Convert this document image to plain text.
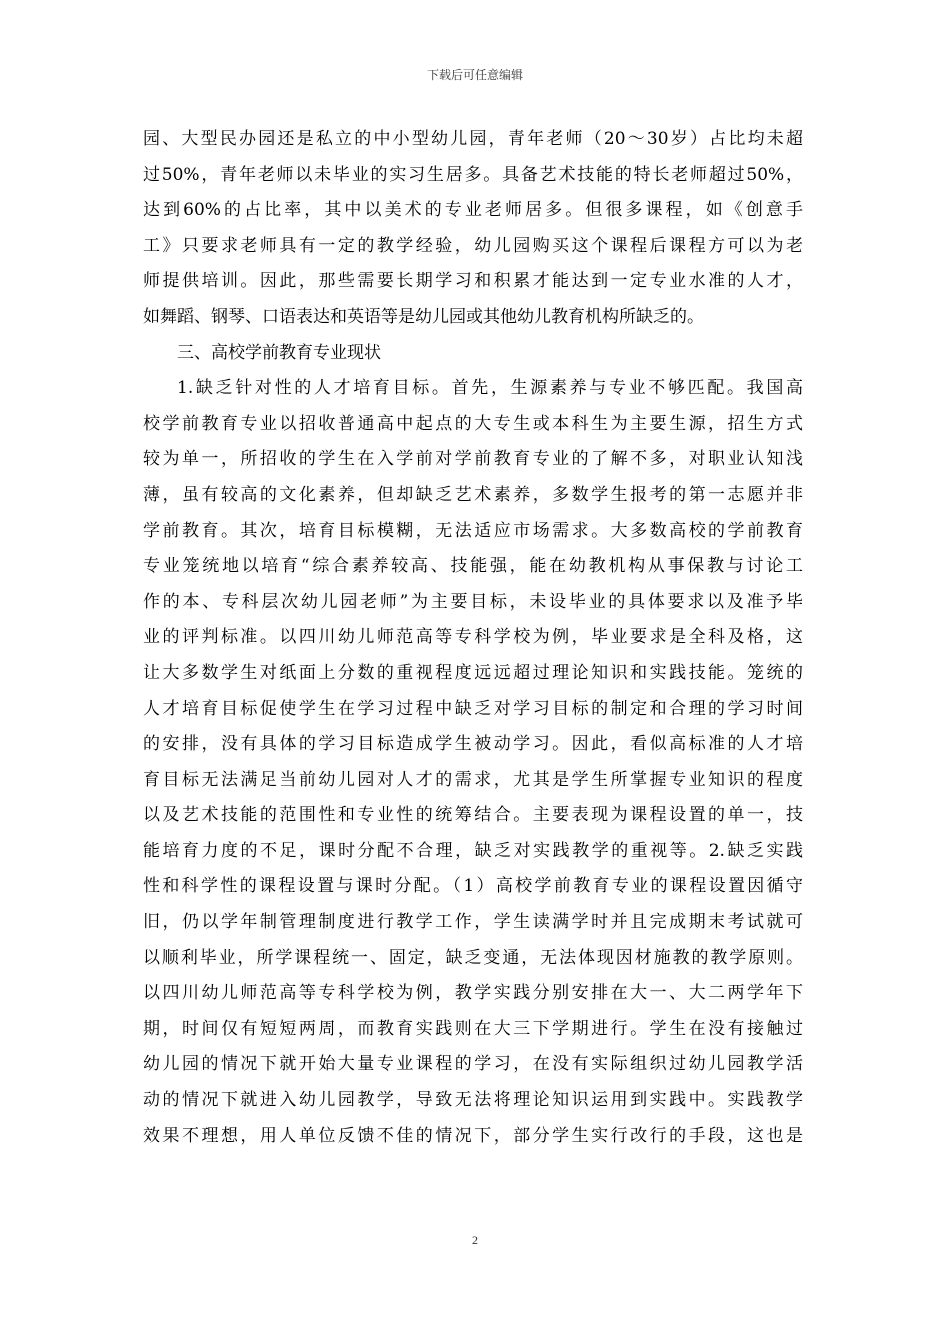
下载后可任意编辑
园、大型民办园还是私立的中小型幼儿园，青年老师（20～30岁）占比均未超
过50%，青年老师以未毕业的实习生居多。具备艺术技能的特长老师超过50%，
达到60%的占比率，其中以美术的专业老师居多。但很多课程，如《创意手
工》只要求老师具有一定的教学经验，幼儿园购买这个课程后课程方可以为老
师提供培训。因此，那些需要长期学习和积累才能达到一定专业水准的人才，
如舞蹈、钢琴、口语表达和英语等是幼儿园或其他幼儿教育机构所缺乏的。
三、高校学前教育专业现状
1.缺乏针对性的人才培育目标。首先，生源素养与专业不够匹配。我国高
校学前教育专业以招收普通高中起点的大专生或本科生为主要生源，招生方式
较为单一，所招收的学生在入学前对学前教育专业的了解不多，对职业认知浅
薄，虽有较高的文化素养，但却缺乏艺术素养，多数学生报考的第一志愿并非
学前教育。其次，培育目标模糊，无法适应市场需求。大多数高校的学前教育
专业笼统地以培育“综合素养较高、技能强，能在幼教机构从事保教与讨论工
作的本、专科层次幼儿园老师”为主要目标，未设毕业的具体要求以及准予毕
业的评判标准。以四川幼儿师范高等专科学校为例，毕业要求是全科及格，这
让大多数学生对纸面上分数的重视程度远远超过理论知识和实践技能。笼统的
人才培育目标促使学生在学习过程中缺乏对学习目标的制定和合理的学习时间
的安排，没有具体的学习目标造成学生被动学习。因此，看似高标准的人才培
育目标无法满足当前幼儿园对人才的需求，尤其是学生所掌握专业知识的程度
以及艺术技能的范围性和专业性的统筹结合。主要表现为课程设置的单一，技
能培育力度的不足，课时分配不合理，缺乏对实践教学的重视等。2.缺乏实践
性和科学性的课程设置与课时分配。（1）高校学前教育专业的课程设置因循守
旧，仍以学年制管理制度进行教学工作，学生读满学时并且完成期末考试就可
以顺利毕业，所学课程统一、固定，缺乏变通，无法体现因材施教的教学原则。
以四川幼儿师范高等专科学校为例，教学实践分别安排在大一、大二两学年下
期，时间仅有短短两周，而教育实践则在大三下学期进行。学生在没有接触过
幼儿园的情况下就开始大量专业课程的学习，在没有实际组织过幼儿园教学活
动的情况下就进入幼儿园教学，导致无法将理论知识运用到实践中。实践教学
效果不理想，用人单位反馈不佳的情况下，部分学生实行改行的手段，这也是
2
